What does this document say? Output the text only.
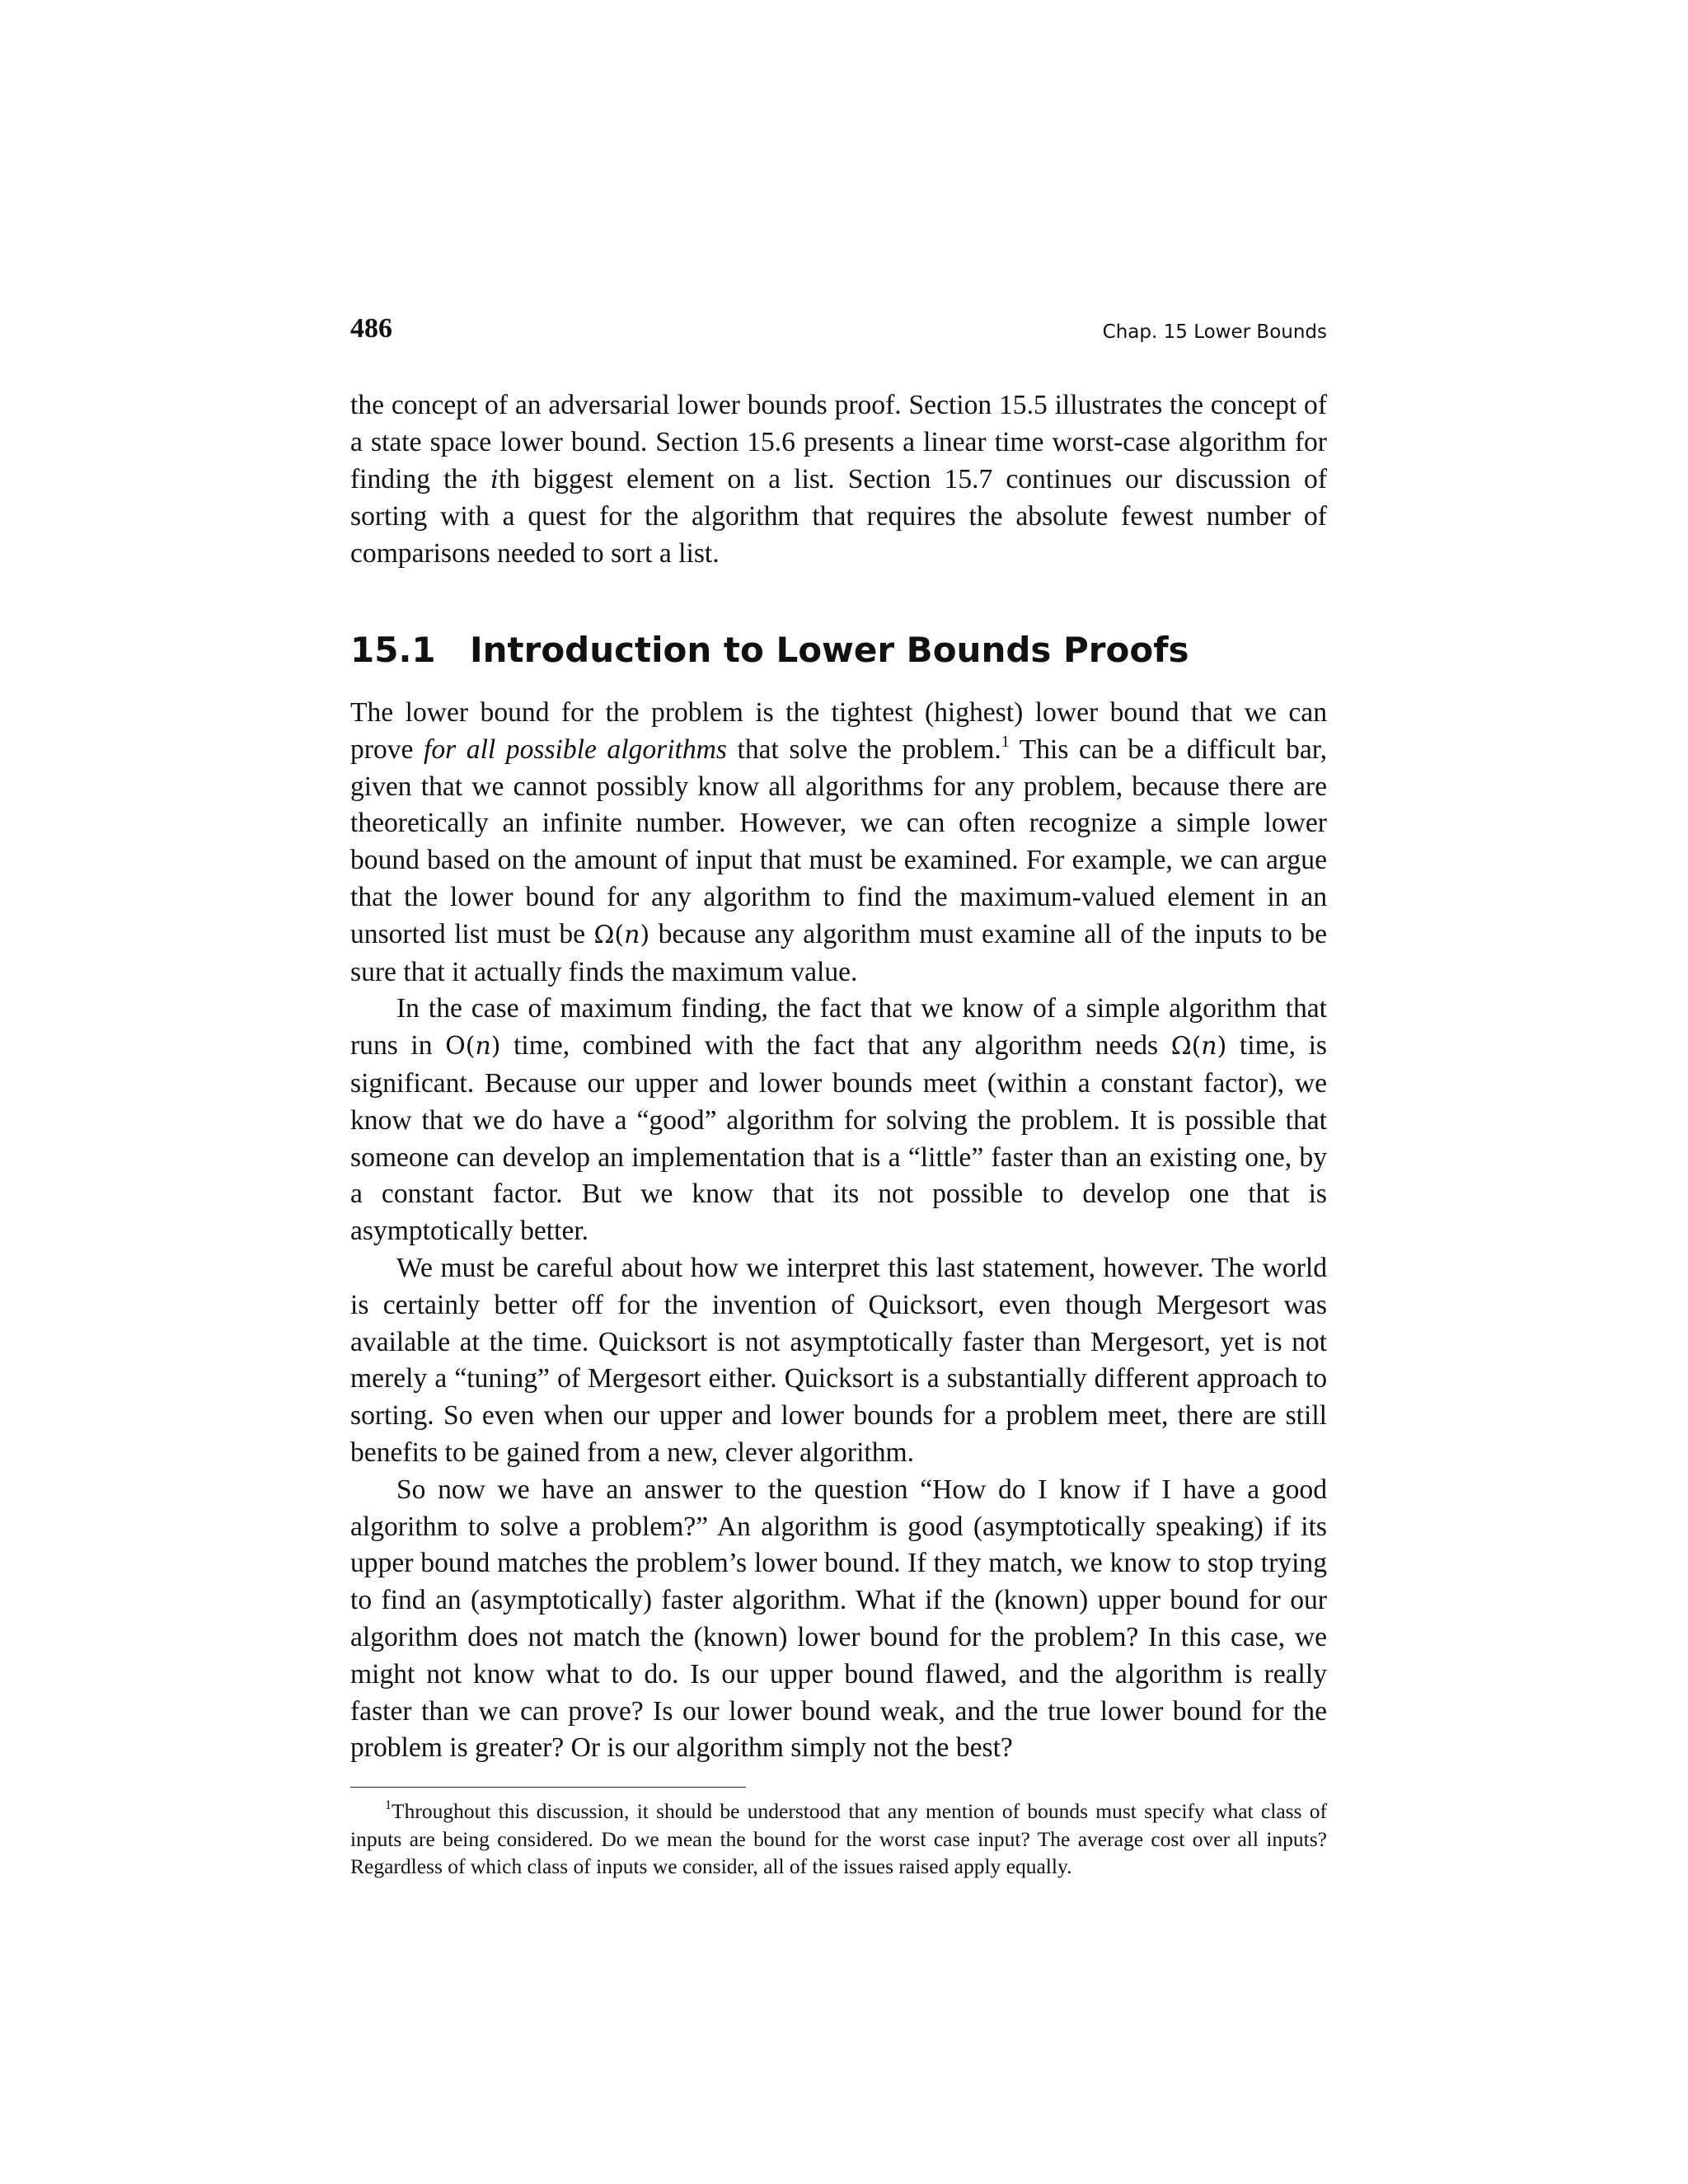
486	Chap. 15 Lower Bounds

the concept of an adversarial lower bounds proof. Section 15.5 illustrates the concept of a state space lower bound. Section 15.6 presents a linear time worst-case algorithm for finding the ith biggest element on a list. Section 15.7 continues our discussion of sorting with a quest for the algorithm that requires the absolute fewest number of comparisons needed to sort a list.

15.1 Introduction to Lower Bounds Proofs

The lower bound for the problem is the tightest (highest) lower bound that we can prove for all possible algorithms that solve the problem.$^1$ This can be a difficult bar, given that we cannot possibly know all algorithms for any problem, because there are theoretically an infinite number. However, we can often recognize a simple lower bound based on the amount of input that must be examined. For example, we can argue that the lower bound for any algorithm to find the maximum-valued element in an unsorted list must be Ω(n) because any algorithm must examine all of the inputs to be sure that it actually finds the maximum value.

In the case of maximum finding, the fact that we know of a simple algorithm that runs in O(n) time, combined with the fact that any algorithm needs Ω(n) time, is significant. Because our upper and lower bounds meet (within a constant factor), we know that we do have a “good” algorithm for solving the problem. It is possible that someone can develop an implementation that is a “little” faster than an existing one, by a constant factor. But we know that its not possible to develop one that is asymptotically better.

We must be careful about how we interpret this last statement, however. The world is certainly better off for the invention of Quicksort, even though Mergesort was available at the time. Quicksort is not asymptotically faster than Mergesort, yet is not merely a “tuning” of Mergesort either. Quicksort is a substantially different approach to sorting. So even when our upper and lower bounds for a problem meet, there are still benefits to be gained from a new, clever algorithm.

So now we have an answer to the question “How do I know if I have a good algorithm to solve a problem?” An algorithm is good (asymptotically speaking) if its upper bound matches the problem’s lower bound. If they match, we know to stop trying to find an (asymptotically) faster algorithm. What if the (known) upper bound for our algorithm does not match the (known) lower bound for the problem? In this case, we might not know what to do. Is our upper bound flawed, and the algorithm is really faster than we can prove? Is our lower bound weak, and the true lower bound for the problem is greater? Or is our algorithm simply not the best?

$^1$Throughout this discussion, it should be understood that any mention of bounds must specify what class of inputs are being considered. Do we mean the bound for the worst case input? The average cost over all inputs? Regardless of which class of inputs we consider, all of the issues raised apply equally.
